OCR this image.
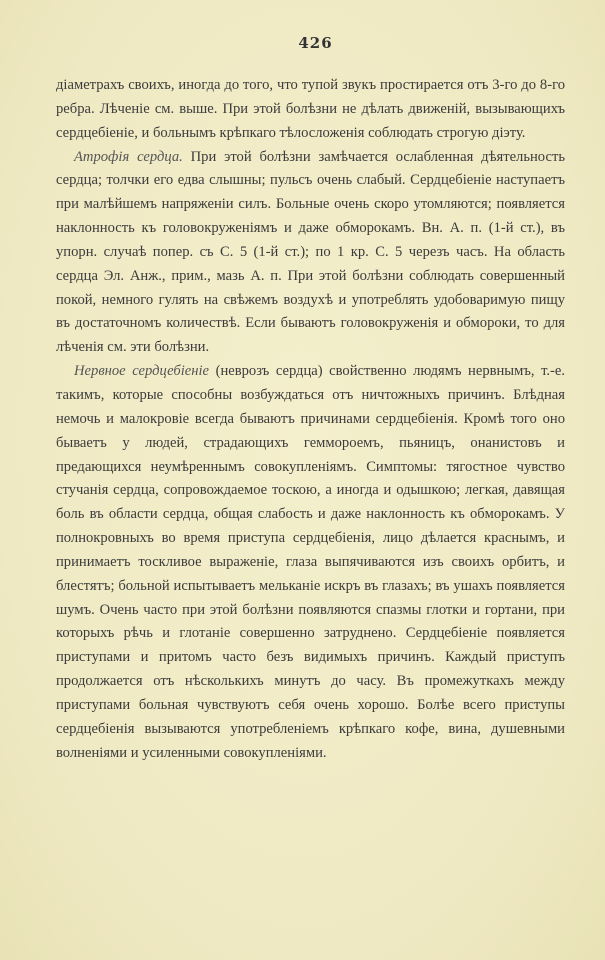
426

діаметрахъ своихъ, иногда до того, что тупой звукъ простирается отъ 3-го до 8-го ребра. Лѣченіе см. выше. При этой болѣзни не дѣлать движеній, вызывающихъ сердцебіеніе, и больнымъ крѣпкаго тѣлосложенія соблюдать строгую діэту.

Атрофія сердца. При этой болѣзни замѣчается ослабленная дѣятельность сердца; толчки его едва слышны; пульсъ очень слабый. Сердцебіеніе наступаетъ при малѣйшемъ напряженіи силъ. Больные очень скоро утомляются; появляется наклонность къ головокруженіямъ и даже обморокамъ. Вн. А. п. (1-й ст.), въ упорн. случаѣ попер. съ С. 5 (1-й ст.); по 1 кр. С. 5 черезъ часъ. На область сердца Эл. Анж., прим., мазь А. п. При этой болѣзни соблюдать совершенный покой, немного гулять на свѣжемъ воздухѣ и употреблять удобоваримую пищу въ достаточномъ количествѣ. Если бываютъ головокруженія и обмороки, то для лѣченія см. эти болѣзни.

Нервное сердцебіеніе (неврозъ сердца) свойственно людямъ нервнымъ, т.-е. такимъ, которые способны возбуждаться отъ ничтожныхъ причинъ. Блѣдная немочь и малокровіе всегда бываютъ причинами сердцебіенія. Кромѣ того оно бываетъ у людей, страдающихъ геммороемъ, пьяницъ, онанистовъ и предающихся неумѣреннымъ совокупленіямъ. Симптомы: тягостное чувство стучанія сердца, сопровождаемое тоскою, а иногда и одышкою; легкая, давящая боль въ области сердца, общая слабость и даже наклонность къ обморокамъ. У полнокровныхъ во время приступа сердцебіенія, лицо дѣлается краснымъ, и принимаетъ тоскливое выраженіе, глаза выпячиваются изъ своихъ орбитъ, и блестятъ; больной испытываетъ мельканіе искръ въ глазахъ; въ ушахъ появляется шумъ. Очень часто при этой болѣзни появляются спазмы глотки и гортани, при которыхъ рѣчь и глотаніе совершенно затруднено. Сердцебіеніе появляется приступами и притомъ часто безъ видимыхъ причинъ. Каждый приступъ продолжается отъ нѣсколькихъ минутъ до часу. Въ промежуткахъ между приступами больная чувствуютъ себя очень хорошо. Болѣе всего приступы сердцебіенія вызываются употребленіемъ крѣпкаго кофе, вина, душевными волненіями и усиленными совокупленіями.
